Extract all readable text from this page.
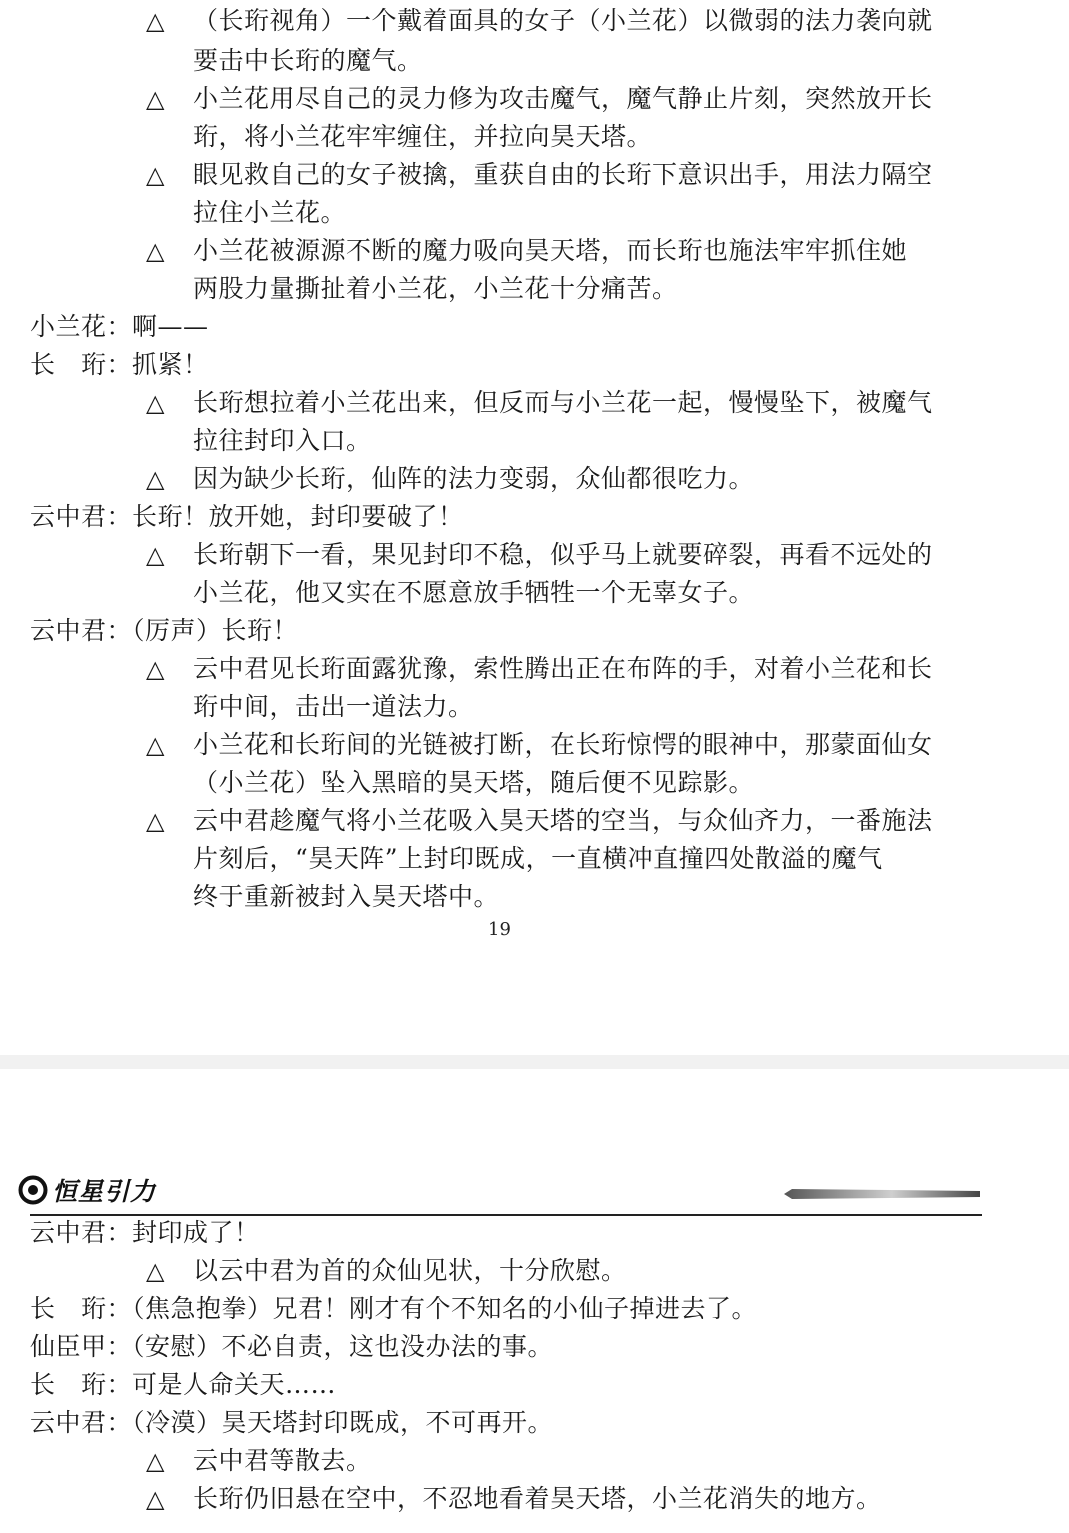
△ （长珩视角）一个戴着面具的女子（小兰花）以微弱的法力袭向就
要击中长珩的魔气。
△ 小兰花用尽自己的灵力修为攻击魔气，魔气静止片刻，突然放开长
珩，将小兰花牢牢缠住，并拉向昊天塔。
△ 眼见救自己的女子被擒，重获自由的长珩下意识出手，用法力隔空
拉住小兰花。
△ 小兰花被源源不断的魔力吸向昊天塔，而长珩也施法牢牢抓住她
两股力量撕扯着小兰花，小兰花十分痛苦。
小兰花：啊——
长　珩：抓紧！
△ 长珩想拉着小兰花出来，但反而与小兰花一起，慢慢坠下，被魔气
拉往封印入口。
△ 因为缺少长珩，仙阵的法力变弱，众仙都很吃力。
云中君：长珩！放开她，封印要破了！
△ 长珩朝下一看，果见封印不稳，似乎马上就要碎裂，再看不远处的
小兰花，他又实在不愿意放手牺牲一个无辜女子。
云中君：（厉声）长珩！
△ 云中君见长珩面露犹豫，索性腾出正在布阵的手，对着小兰花和长
珩中间，击出一道法力。
△ 小兰花和长珩间的光链被打断，在长珩惊愕的眼神中，那蒙面仙女
（小兰花）坠入黑暗的昊天塔，随后便不见踪影。
△ 云中君趁魔气将小兰花吸入昊天塔的空当，与众仙齐力，一番施法
片刻后，“昊天阵”上封印既成，一直横冲直撞四处散溢的魔气
终于重新被封入昊天塔中。
19
恒星引力
云中君：封印成了！
△ 以云中君为首的众仙见状，十分欣慰。
长　珩：（焦急抱拳）兄君！刚才有个不知名的小仙子掉进去了。
仙臣甲：（安慰）不必自责，这也没办法的事。
长　珩：可是人命关天……
云中君：（冷漠）昊天塔封印既成，不可再开。
△ 云中君等散去。
△ 长珩仍旧悬在空中，不忍地看着昊天塔，小兰花消失的地方。
